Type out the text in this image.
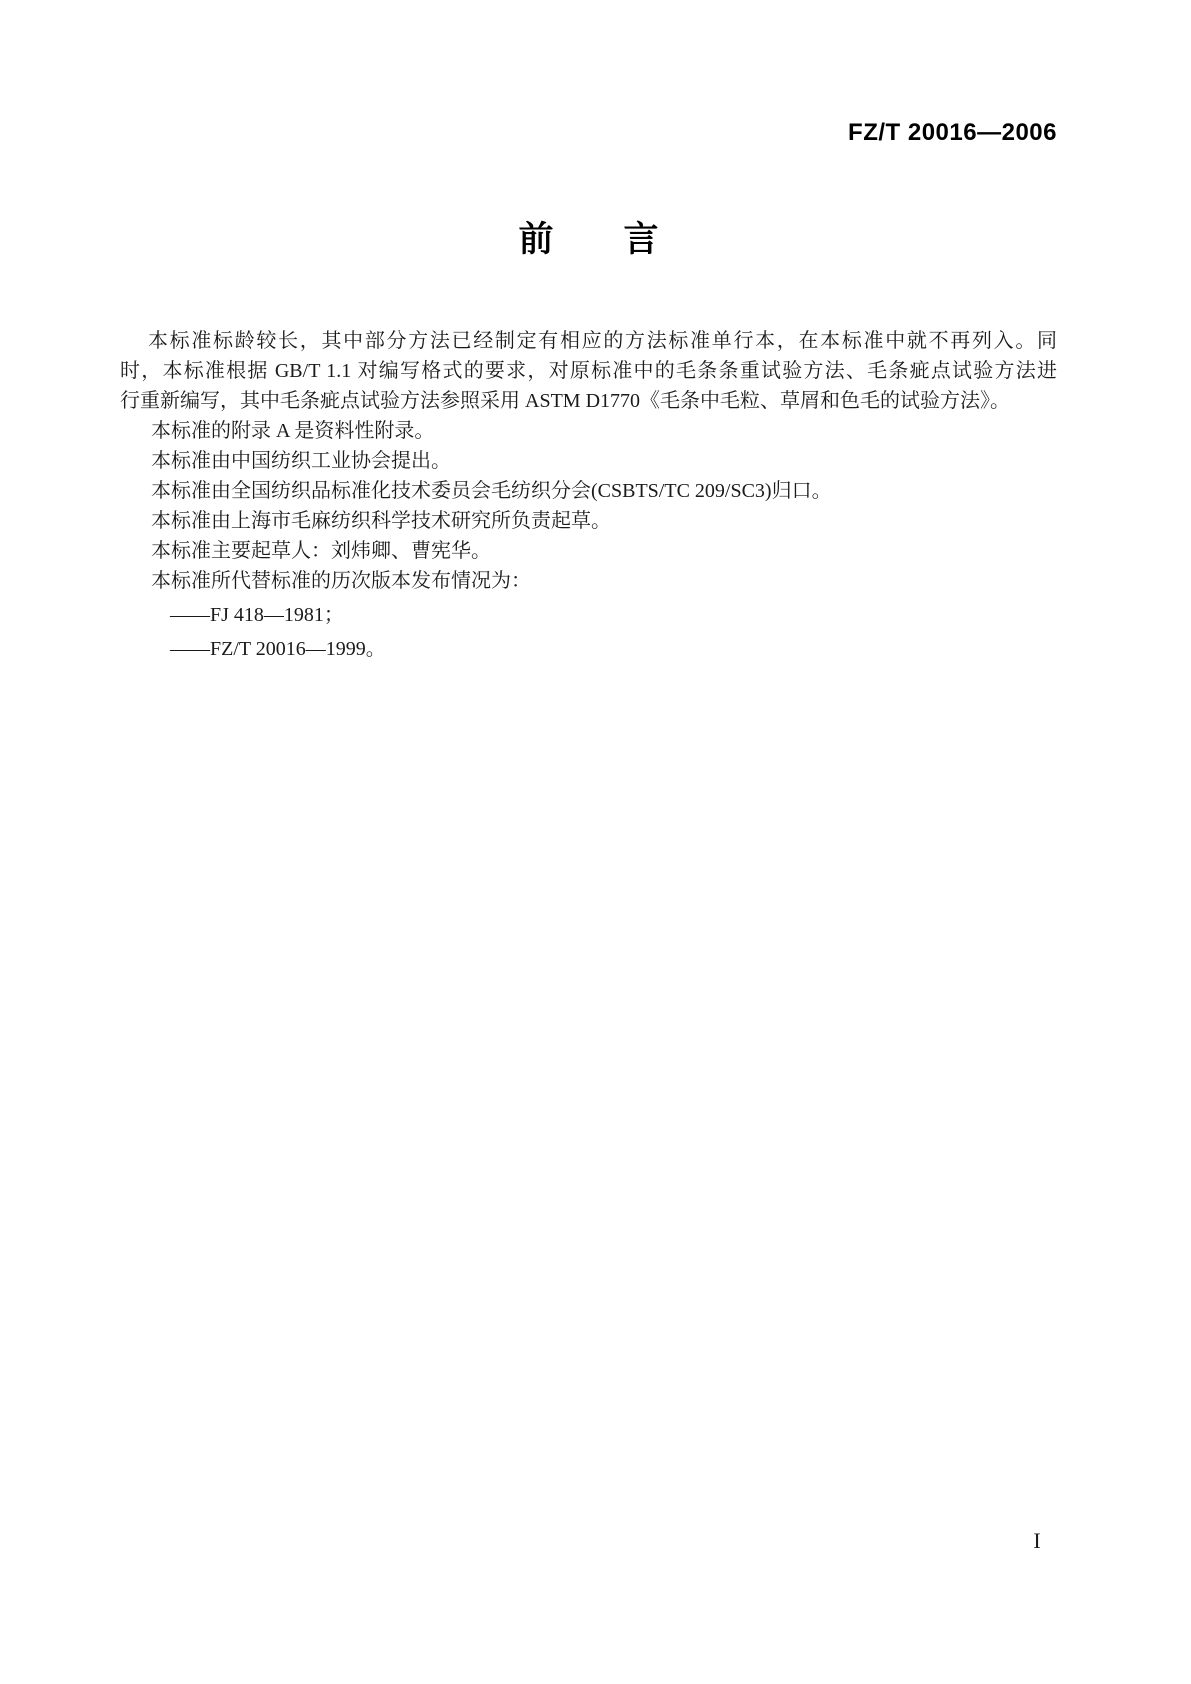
FZ/T 20016—2006
前　　言

本标准标龄较长，其中部分方法已经制定有相应的方法标准单行本，在本标准中就不再列入。同

时，本标准根据 GB/T 1.1 对编写格式的要求，对原标准中的毛条条重试验方法、毛条疵点试验方法进

行重新编写，其中毛条疵点试验方法参照采用 ASTM D1770《毛条中毛粒、草屑和色毛的试验方法》。

本标准的附录 A 是资料性附录。

本标准由中国纺织工业协会提出。

本标准由全国纺织品标准化技术委员会毛纺织分会(CSBTS/TC 209/SC3)归口。

本标准由上海市毛麻纺织科学技术研究所负责起草。

本标准主要起草人：刘炜卿、曹宪华。

本标准所代替标准的历次版本发布情况为：

——FJ 418—1981；

——FZ/T 20016—1999。

I
